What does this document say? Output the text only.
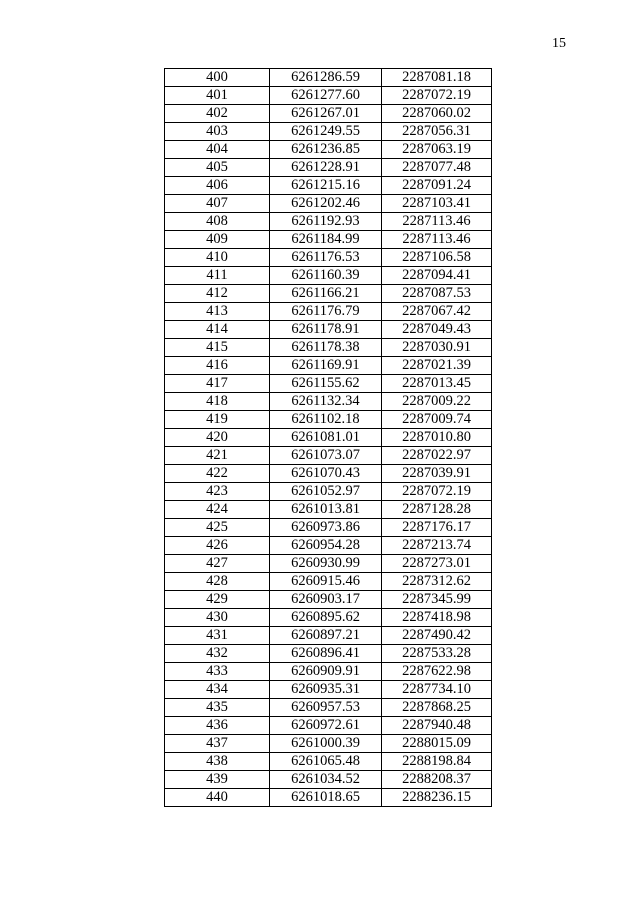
15
400	6261286.59	2287081.18
401	6261277.60	2287072.19
402	6261267.01	2287060.02
403	6261249.55	2287056.31
404	6261236.85	2287063.19
405	6261228.91	2287077.48
406	6261215.16	2287091.24
407	6261202.46	2287103.41
408	6261192.93	2287113.46
409	6261184.99	2287113.46
410	6261176.53	2287106.58
411	6261160.39	2287094.41
412	6261166.21	2287087.53
413	6261176.79	2287067.42
414	6261178.91	2287049.43
415	6261178.38	2287030.91
416	6261169.91	2287021.39
417	6261155.62	2287013.45
418	6261132.34	2287009.22
419	6261102.18	2287009.74
420	6261081.01	2287010.80
421	6261073.07	2287022.97
422	6261070.43	2287039.91
423	6261052.97	2287072.19
424	6261013.81	2287128.28
425	6260973.86	2287176.17
426	6260954.28	2287213.74
427	6260930.99	2287273.01
428	6260915.46	2287312.62
429	6260903.17	2287345.99
430	6260895.62	2287418.98
431	6260897.21	2287490.42
432	6260896.41	2287533.28
433	6260909.91	2287622.98
434	6260935.31	2287734.10
435	6260957.53	2287868.25
436	6260972.61	2287940.48
437	6261000.39	2288015.09
438	6261065.48	2288198.84
439	6261034.52	2288208.37
440	6261018.65	2288236.15
